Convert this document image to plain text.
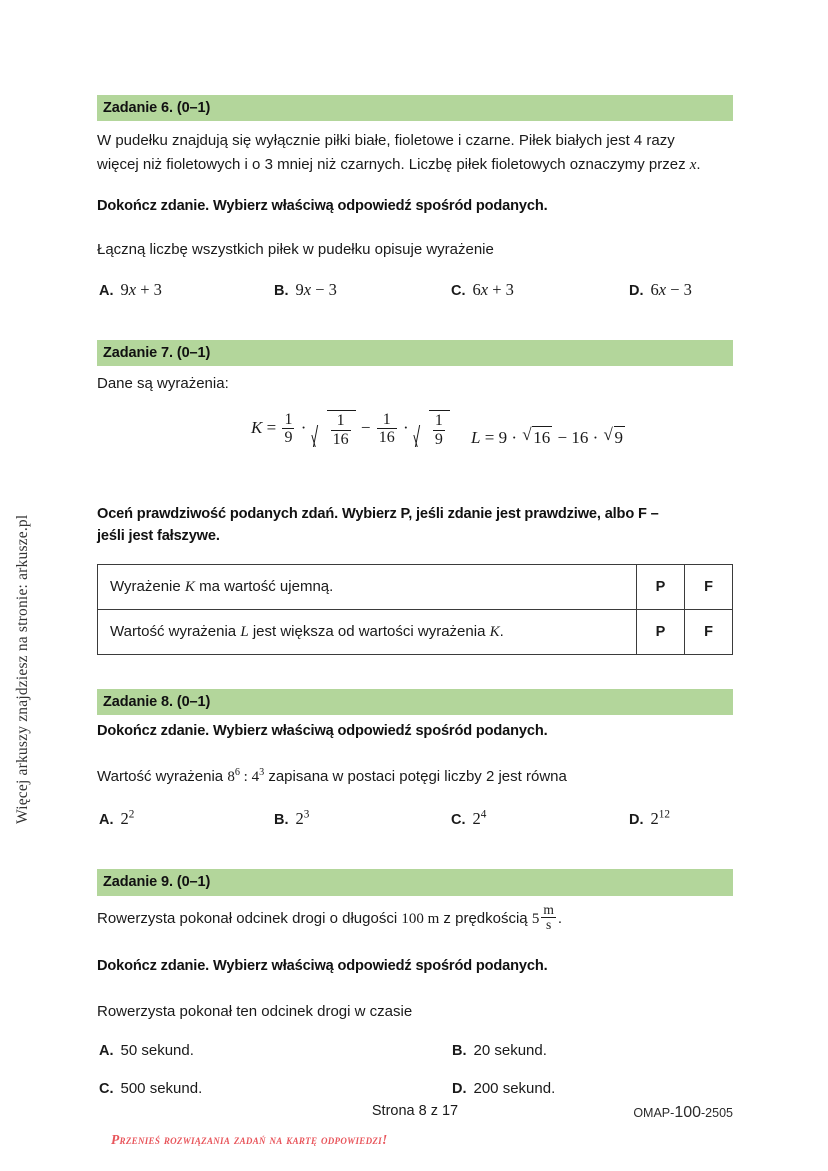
Więcej arkuszy znajdziesz na stronie: arkusze.pl
Zadanie 6. (0–1)

W pudełku znajdują się wyłącznie piłki białe, fioletowe i czarne. Piłek białych jest 4 razy

więcej niż fioletowych i o 3 mniej niż czarnych. Liczbę piłek fioletowych oznaczymy przez x.

Dokończ zdanie. Wybierz właściwą odpowiedź spośród podanych.

Łączną liczbę wszystkich piłek w pudełku opisuje wyrażenie

A. 9x + 3	B. 9x − 3	C. 6x + 3	D. 6x − 3
Zadanie 7. (0–1)

Dane są wyrażenia:

$K = \frac{1}{9} \cdot \frac{1}{16} - \frac{1}{16} \cdot \frac{1}{9}$ L = 9 · √ 16 − 16 · √ 9

Oceń prawdziwość podanych zdań. Wybierz P, jeśli zdanie jest prawdziwe, albo F –

jeśli jest fałszywe.

Wyrażenie K ma wartość ujemną.	P	F
Wartość wyrażenia L jest większa od wartości wyrażenia K.	P	F
Zadanie 8. (0–1)

Dokończ zdanie. Wybierz właściwą odpowiedź spośród podanych.

Wartość wyrażenia $8^6$ : $4^3$ zapisana w postaci potęgi liczby 2 jest równa

A. $2^2$	B. $2^3$	C. $2^4$	D. $2^{12}$
Zadanie 9. (0–1)

Rowerzysta pokonał odcinek drogi o długości 100 m z prędkością $5 \frac{m}{s}$ .

Dokończ zdanie. Wybierz właściwą odpowiedź spośród podanych.

Rowerzysta pokonał ten odcinek drogi w czasie

A. 50 sekund.	B. 20 sekund.
C. 500 sekund.	D. 200 sekund.
Przenieś rozwiązania zadań na kartę odpowiedzi!
Strona 8 z 17	OMAP-100-2505
